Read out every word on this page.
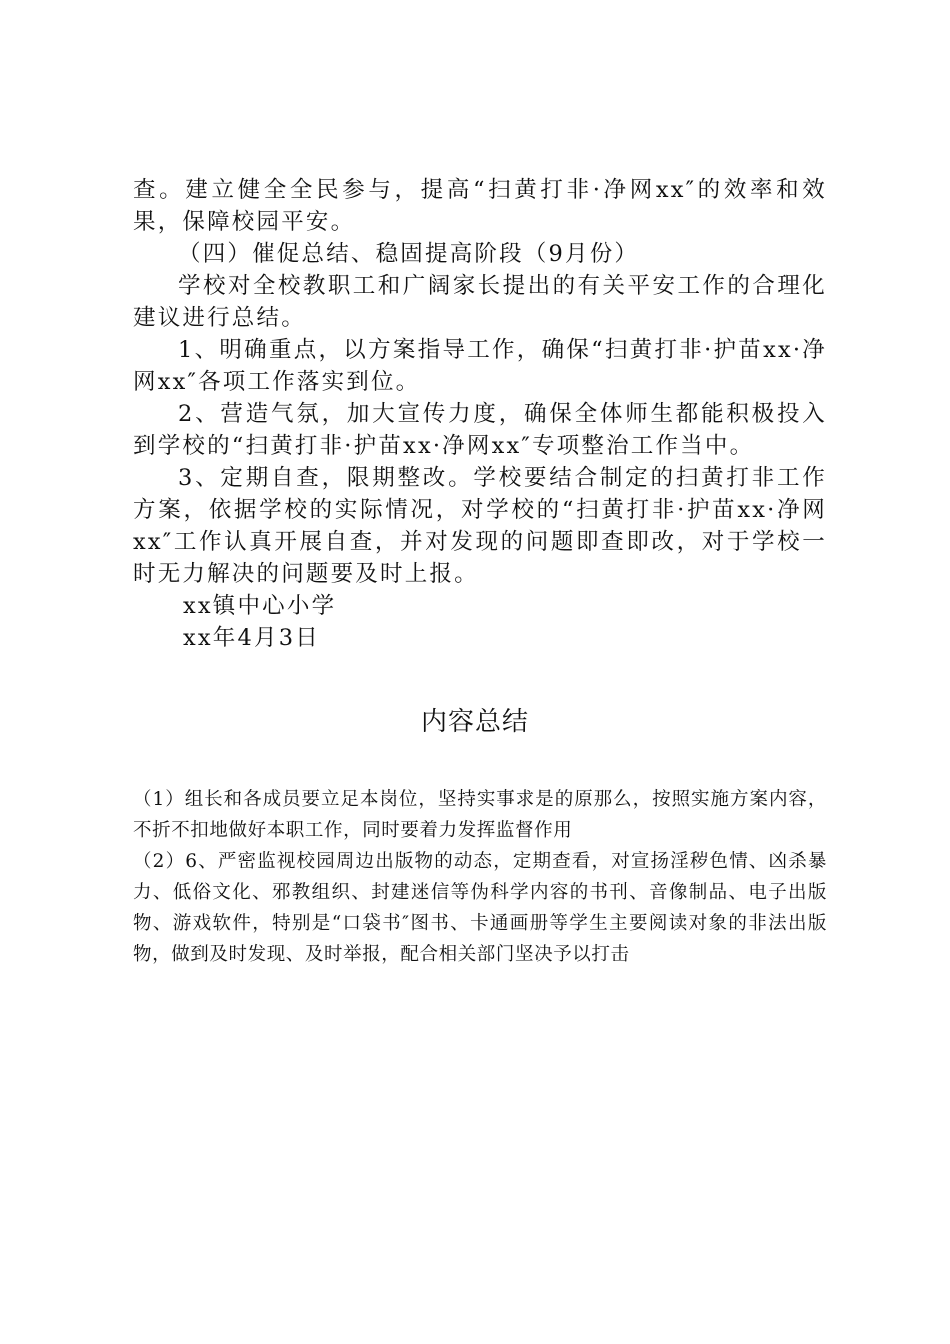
查。建立健全全民参与，提高“扫黄打非·净网xx″的效率和效果，保障校园平安。

（四）催促总结、稳固提高阶段（9月份）

学校对全校教职工和广阔家长提出的有关平安工作的合理化建议进行总结。

1、明确重点，以方案指导工作，确保“扫黄打非·护苗xx·净网xx″各项工作落实到位。

2、营造气氛，加大宣传力度，确保全体师生都能积极投入到学校的“扫黄打非·护苗xx·净网xx″专项整治工作当中。

3、定期自查，限期整改。学校要结合制定的扫黄打非工作方案，依据学校的实际情况，对学校的“扫黄打非·护苗xx·净网xx″工作认真开展自查，并对发现的问题即查即改，对于学校一时无力解决的问题要及时上报。

xx镇中心小学

xx年4月3日

内容总结

（1）组长和各成员要立足本岗位，坚持实事求是的原那么，按照实施方案内容，不折不扣地做好本职工作，同时要着力发挥监督作用

（2）6、严密监视校园周边出版物的动态，定期查看，对宣扬淫秽色情、凶杀暴力、低俗文化、邪教组织、封建迷信等伪科学内容的书刊、音像制品、电子出版物、游戏软件，特别是“口袋书″图书、卡通画册等学生主要阅读对象的非法出版物，做到及时发现、及时举报，配合相关部门坚决予以打击
